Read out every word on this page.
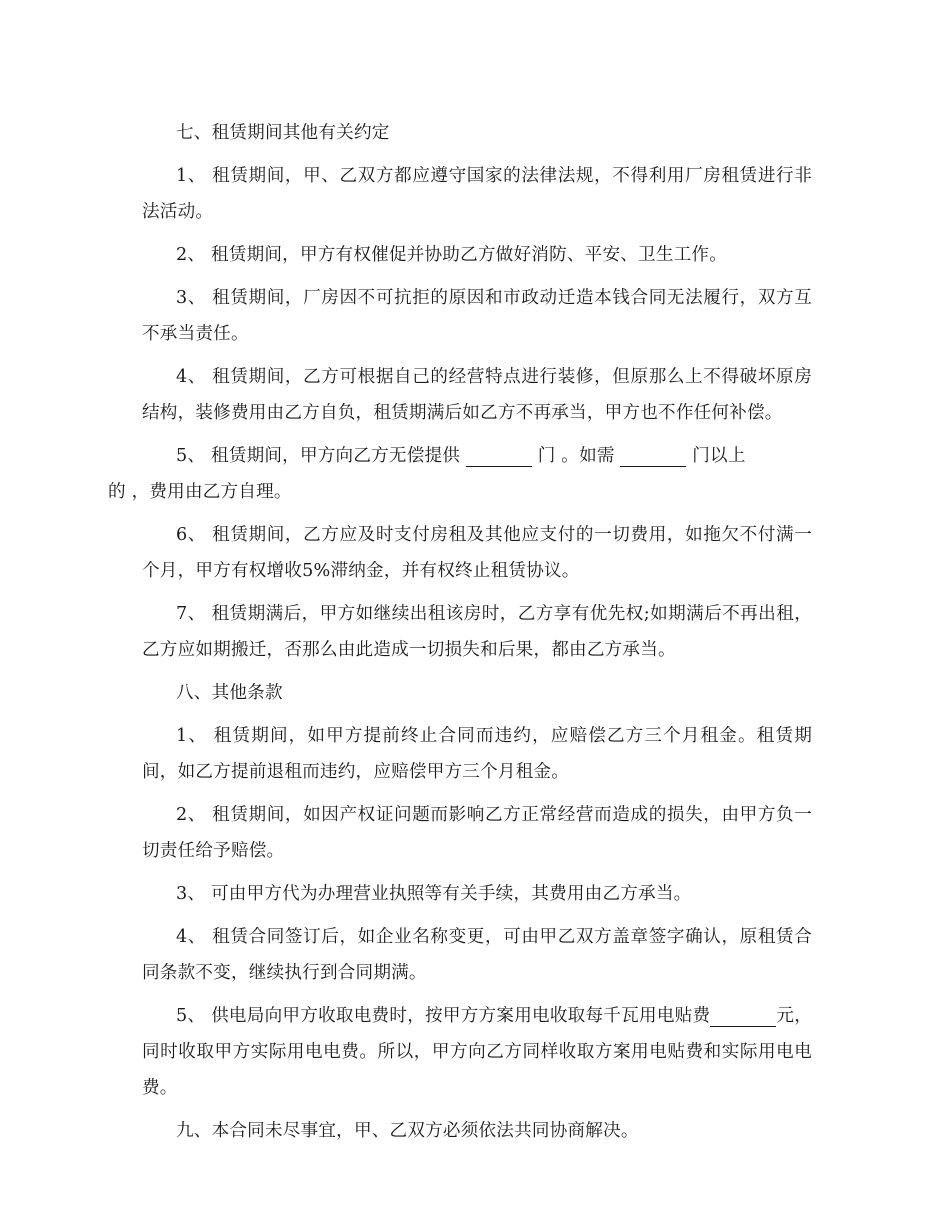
七、租赁期间其他有关约定

1、 租赁期间，甲、乙双方都应遵守国家的法律法规，不得利用厂房租赁进行非法活动。

2、 租赁期间，甲方有权催促并协助乙方做好消防、平安、卫生工作。

3、 租赁期间，厂房因不可抗拒的原因和市政动迁造本钱合同无法履行，双方互不承当责任。

4、 租赁期间，乙方可根据自己的经营特点进行装修，但原那么上不得破坏原房结构，装修费用由乙方自负，租赁期满后如乙方不再承当，甲方也不作任何补偿。

5、 租赁期间，甲方向乙方无偿提供	门 。如需	门以上
的 ，费用由乙方自理。

6、 租赁期间，乙方应及时支付房租及其他应支付的一切费用，如拖欠不付满一个月，甲方有权增收5%滞纳金，并有权终止租赁协议。

7、 租赁期满后，甲方如继续出租该房时，乙方享有优先权;如期满后不再出租，乙方应如期搬迁，否那么由此造成一切损失和后果，都由乙方承当。

八、其他条款

1、 租赁期间，如甲方提前终止合同而违约，应赔偿乙方三个月租金。租赁期间，如乙方提前退租而违约，应赔偿甲方三个月租金。

2、 租赁期间，如因产权证问题而影响乙方正常经营而造成的损失，由甲方负一切责任给予赔偿。

3、 可由甲方代为办理营业执照等有关手续，其费用由乙方承当。

4、 租赁合同签订后，如企业名称变更，可由甲乙双方盖章签字确认，原租赁合同条款不变，继续执行到合同期满。

5、 供电局向甲方收取电费时，按甲方方案用电收取每千瓦用电贴费	元，同时收取甲方实际用电电费。所以，甲方向乙方同样收取方案用电贴费和实际用电电费。

九、本合同未尽事宜，甲、乙双方必须依法共同协商解决。
